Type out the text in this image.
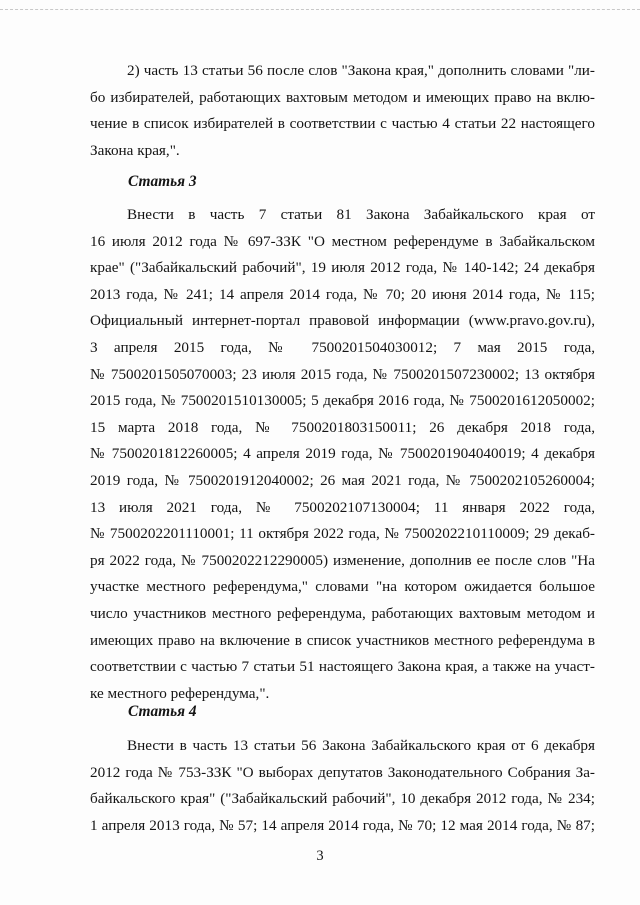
2) часть 13 статьи 56 после слов "Закона края," дополнить словами "ли-
бо избирателей, работающих вахтовым методом и имеющих право на вклю-
чение в список избирателей в соответствии с частью 4 статьи 22 настоящего
Закона края,".
Статья 3
Внести в часть 7 статьи 81 Закона Забайкальского края от
16 июля 2012 года № 697-ЗЗК "О местном референдуме в Забайкальском
крае" ("Забайкальский рабочий", 19 июля 2012 года, № 140-142; 24 декабря
2013 года, № 241; 14 апреля 2014 года, № 70; 20 июня 2014 года, № 115;
Официальный интернет-портал правовой информации (www.pravo.gov.ru),
3 апреля 2015 года, № 7500201504030012; 7 мая 2015 года,
№ 7500201505070003; 23 июля 2015 года, № 7500201507230002; 13 октября
2015 года, № 7500201510130005; 5 декабря 2016 года, № 7500201612050002;
15 марта 2018 года, № 7500201803150011; 26 декабря 2018 года,
№ 7500201812260005; 4 апреля 2019 года, № 7500201904040019; 4 декабря
2019 года, № 7500201912040002; 26 мая 2021 года, № 7500202105260004;
13 июля 2021 года, № 7500202107130004; 11 января 2022 года,
№ 7500202201110001; 11 октября 2022 года, № 7500202210110009; 29 декаб-
ря 2022 года, № 7500202212290005) изменение, дополнив ее после слов "На
участке местного референдума," словами "на котором ожидается большое
число участников местного референдума, работающих вахтовым методом и
имеющих право на включение в список участников местного референдума в
соответствии с частью 7 статьи 51 настоящего Закона края, а также на участ-
ке местного референдума,".
Статья 4
Внести в часть 13 статьи 56 Закона Забайкальского края от 6 декабря
2012 года № 753-ЗЗК "О выборах депутатов Законодательного Собрания За-
байкальского края" ("Забайкальский рабочий", 10 декабря 2012 года, № 234;
1 апреля 2013 года, № 57; 14 апреля 2014 года, № 70; 12 мая 2014 года, № 87;
3
